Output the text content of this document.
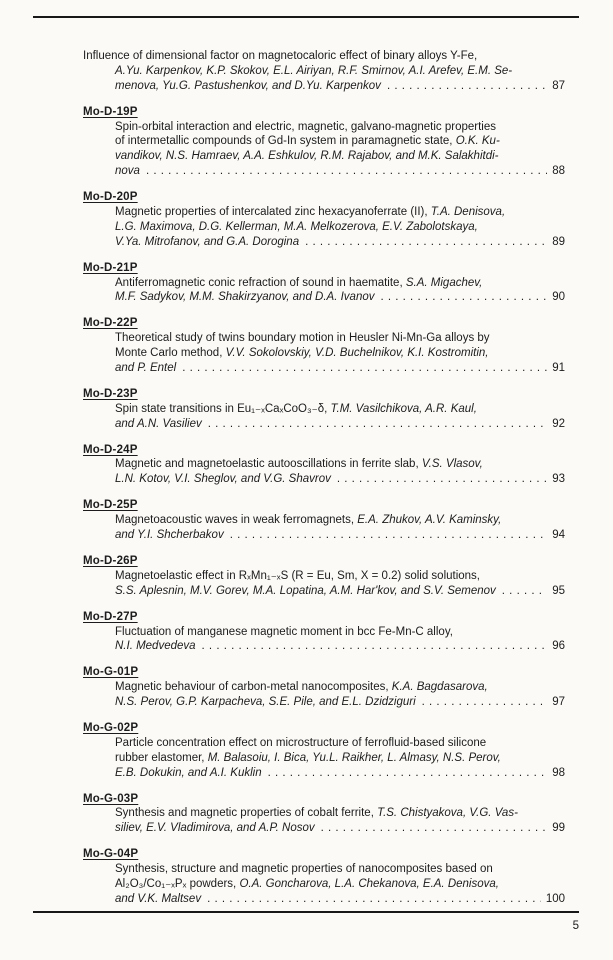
Influence of dimensional factor on magnetocaloric effect of binary alloys Y-Fe,
A.Yu. Karpenkov, K.P. Skokov, E.L. Airiyan, R.F. Smirnov, A.I. Arefev, E.M. Se-
menova, Yu.G. Pastushenkov, and D.Yu. Karpenkov . . .	87
Mo-D-19P
Spin-orbital interaction and electric, magnetic, galvano-magnetic properties
of intermetallic compounds of Gd-In system in paramagnetic state, O.K. Ku-
vandikov, N.S. Hamraev, A.A. Eshkulov, R.M. Rajabov, and M.K. Salakhitdi-
nova . . .	88
Mo-D-20P
Magnetic properties of intercalated zinc hexacyanoferrate (II), T.A. Denisova,
L.G. Maximova, D.G. Kellerman, M.A. Melkozerova, E.V. Zabolotskaya,
V.Ya. Mitrofanov, and G.A. Dorogina . . .	89
Mo-D-21P
Antiferromagnetic conic refraction of sound in haematite, S.A. Migachev,
M.F. Sadykov, M.M. Shakirzyanov, and D.A. Ivanov . . .	90
Mo-D-22P
Theoretical study of twins boundary motion in Heusler Ni-Mn-Ga alloys by
Monte Carlo method, V.V. Sokolovskiy, V.D. Buchelnikov, K.I. Kostromitin,
and P. Entel . . .	91
Mo-D-23P
Spin state transitions in Eu₁₋ₓCaₓCoO₃₋δ, T.M. Vasilchikova, A.R. Kaul,
and A.N. Vasiliev . . .	92
Mo-D-24P
Magnetic and magnetoelastic autooscillations in ferrite slab, V.S. Vlasov,
L.N. Kotov, V.I. Sheglov, and V.G. Shavrov . . .	93
Mo-D-25P
Magnetoacoustic waves in weak ferromagnets, E.A. Zhukov, A.V. Kaminsky,
and Y.I. Shcherbakov . . .	94
Mo-D-26P
Magnetoelastic effect in RₓMn₁₋ₓS (R = Eu, Sm, X = 0.2) solid solutions,
S.S. Aplesnin, M.V. Gorev, M.A. Lopatina, A.M. Har'kov, and S.V. Semenov . . .	95
Mo-D-27P
Fluctuation of manganese magnetic moment in bcc Fe-Mn-C alloy,
N.I. Medvedeva . . .	96
Mo-G-01P
Magnetic behaviour of carbon-metal nanocomposites, K.A. Bagdasarova,
N.S. Perov, G.P. Karpacheva, S.E. Pile, and E.L. Dzidziguri . . .	97
Mo-G-02P
Particle concentration effect on microstructure of ferrofluid-based silicone
rubber elastomer, M. Balasoiu, I. Bica, Yu.L. Raikher, L. Almasy, N.S. Perov,
E.B. Dokukin, and A.I. Kuklin . . .	98
Mo-G-03P
Synthesis and magnetic properties of cobalt ferrite, T.S. Chistyakova, V.G. Vas-
siliev, E.V. Vladimirova, and A.P. Nosov . . .	99
Mo-G-04P
Synthesis, structure and magnetic properties of nanocomposites based on
Al₂O₃/Co₁₋ₓPₓ powders, O.A. Goncharova, L.A. Chekanova, E.A. Denisova,
and V.K. Maltsev . . .	100
5
